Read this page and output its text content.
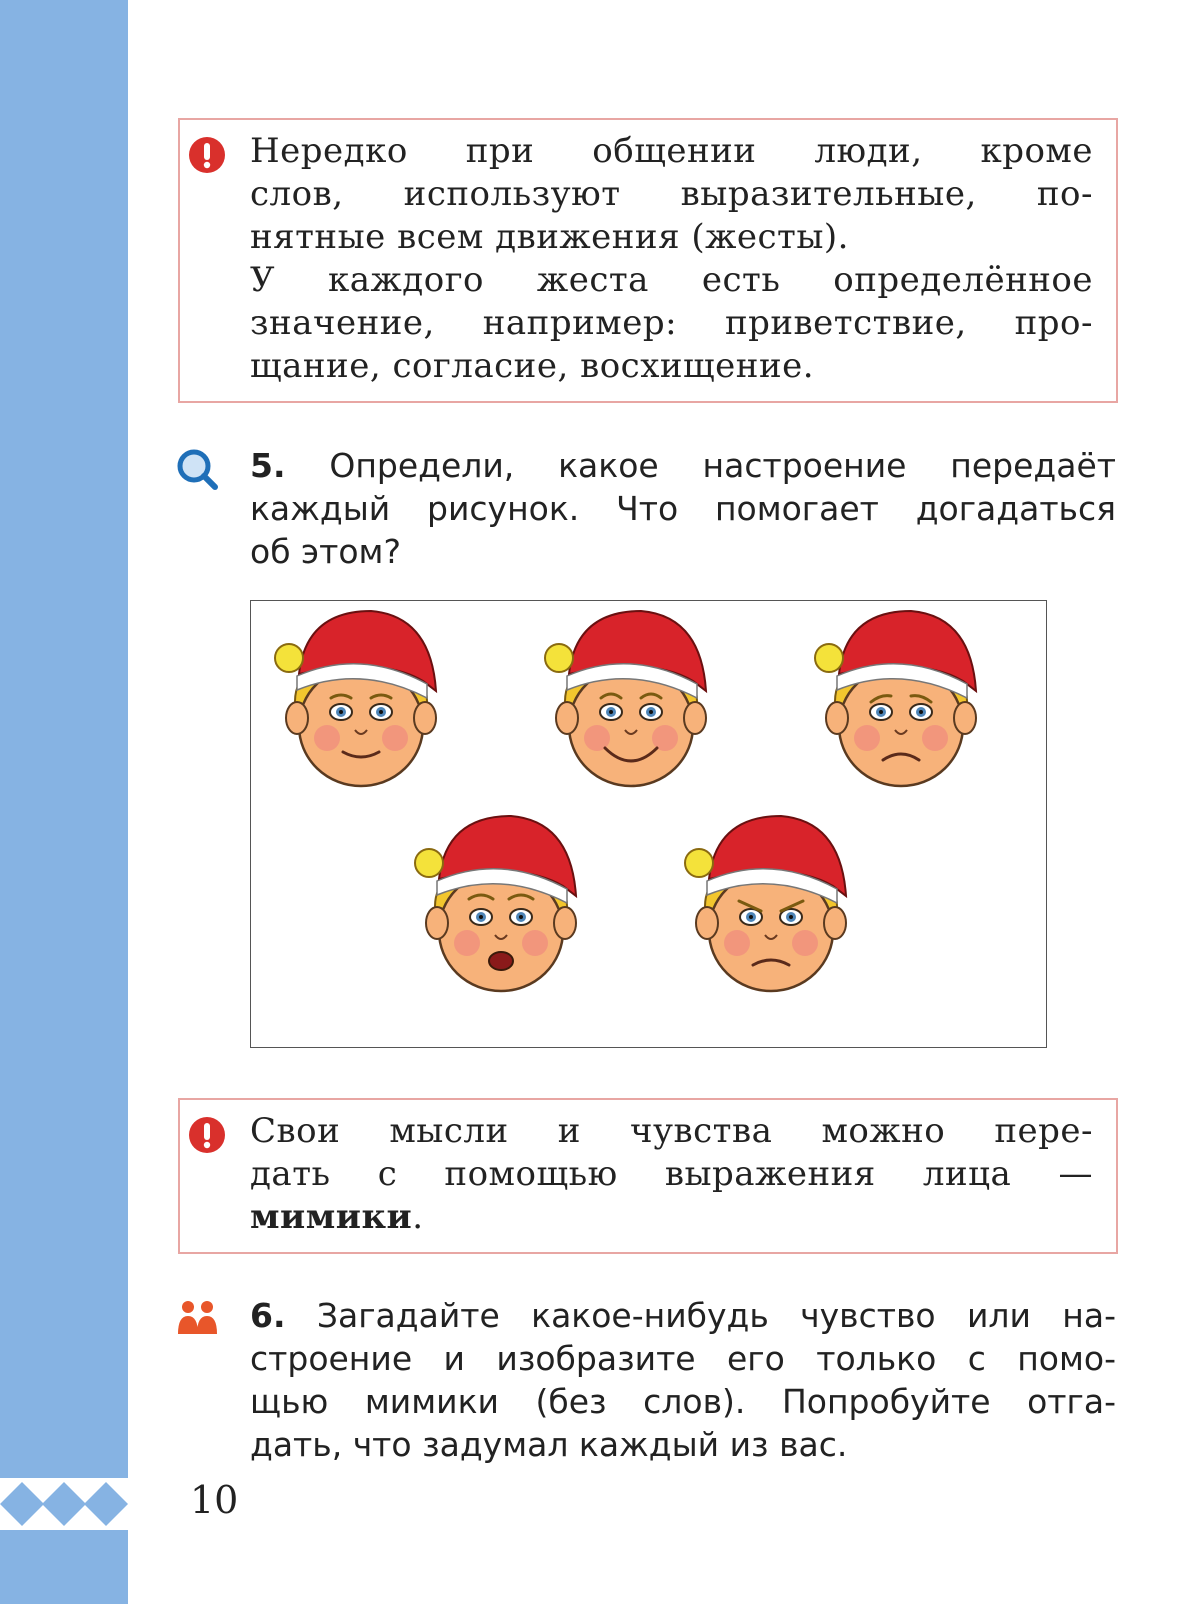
Нередко при общении люди, кроме
слов, используют выразительные, по-
нятные всем движения (жесты).
У каждого жеста есть определённое
значение, например: приветствие, про-
щание, согласие, восхищение.
5. Определи, какое настроение передаёт
каждый рисунок. Что помогает догадаться
об этом?
Свои мысли и чувства можно пере-
дать с помощью выражения лица —
мимики.
6. Загадайте какое-нибудь чувство или на-
строение и изобразите его только с помо-
щью мимики (без слов). Попробуйте отга-
дать, что задумал каждый из вас.
10
